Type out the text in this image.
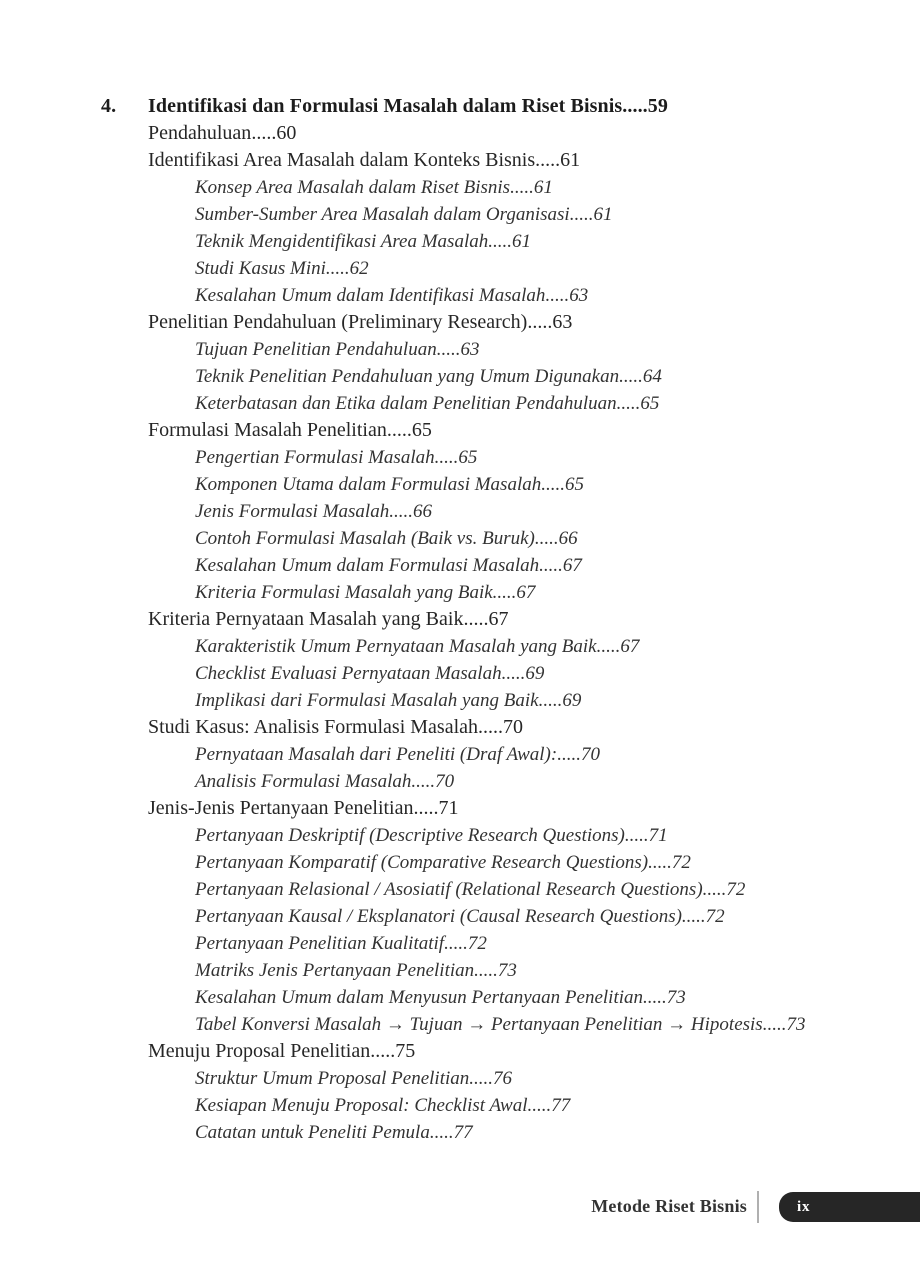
4. Identifikasi dan Formulasi Masalah dalam Riset Bisnis.....59
Pendahuluan.....60
Identifikasi Area Masalah dalam Konteks Bisnis.....61
Konsep Area Masalah dalam Riset Bisnis.....61
Sumber-Sumber Area Masalah dalam Organisasi.....61
Teknik Mengidentifikasi Area Masalah.....61
Studi Kasus Mini.....62
Kesalahan Umum dalam Identifikasi Masalah.....63
Penelitian Pendahuluan (Preliminary Research).....63
Tujuan Penelitian Pendahuluan.....63
Teknik Penelitian Pendahuluan yang Umum Digunakan.....64
Keterbatasan dan Etika dalam Penelitian Pendahuluan.....65
Formulasi Masalah Penelitian.....65
Pengertian Formulasi Masalah.....65
Komponen Utama dalam Formulasi Masalah.....65
Jenis Formulasi Masalah.....66
Contoh Formulasi Masalah (Baik vs. Buruk).....66
Kesalahan Umum dalam Formulasi Masalah.....67
Kriteria Formulasi Masalah yang Baik.....67
Kriteria Pernyataan Masalah yang Baik.....67
Karakteristik Umum Pernyataan Masalah yang Baik.....67
Checklist Evaluasi Pernyataan Masalah.....69
Implikasi dari Formulasi Masalah yang Baik.....69
Studi Kasus: Analisis Formulasi Masalah.....70
Pernyataan Masalah dari Peneliti (Draf Awal):.....70
Analisis Formulasi Masalah.....70
Jenis-Jenis Pertanyaan Penelitian.....71
Pertanyaan Deskriptif (Descriptive Research Questions).....71
Pertanyaan Komparatif (Comparative Research Questions).....72
Pertanyaan Relasional / Asosiatif (Relational Research Questions).....72
Pertanyaan Kausal / Eksplanatori (Causal Research Questions).....72
Pertanyaan Penelitian Kualitatif.....72
Matriks Jenis Pertanyaan Penelitian.....73
Kesalahan Umum dalam Menyusun Pertanyaan Penelitian.....73
Tabel Konversi Masalah → Tujuan → Pertanyaan Penelitian → Hipotesis.....73
Menuju Proposal Penelitian.....75
Struktur Umum Proposal Penelitian.....76
Kesiapan Menuju Proposal: Checklist Awal.....77
Catatan untuk Peneliti Pemula.....77
Metode Riset Bisnis	ix
